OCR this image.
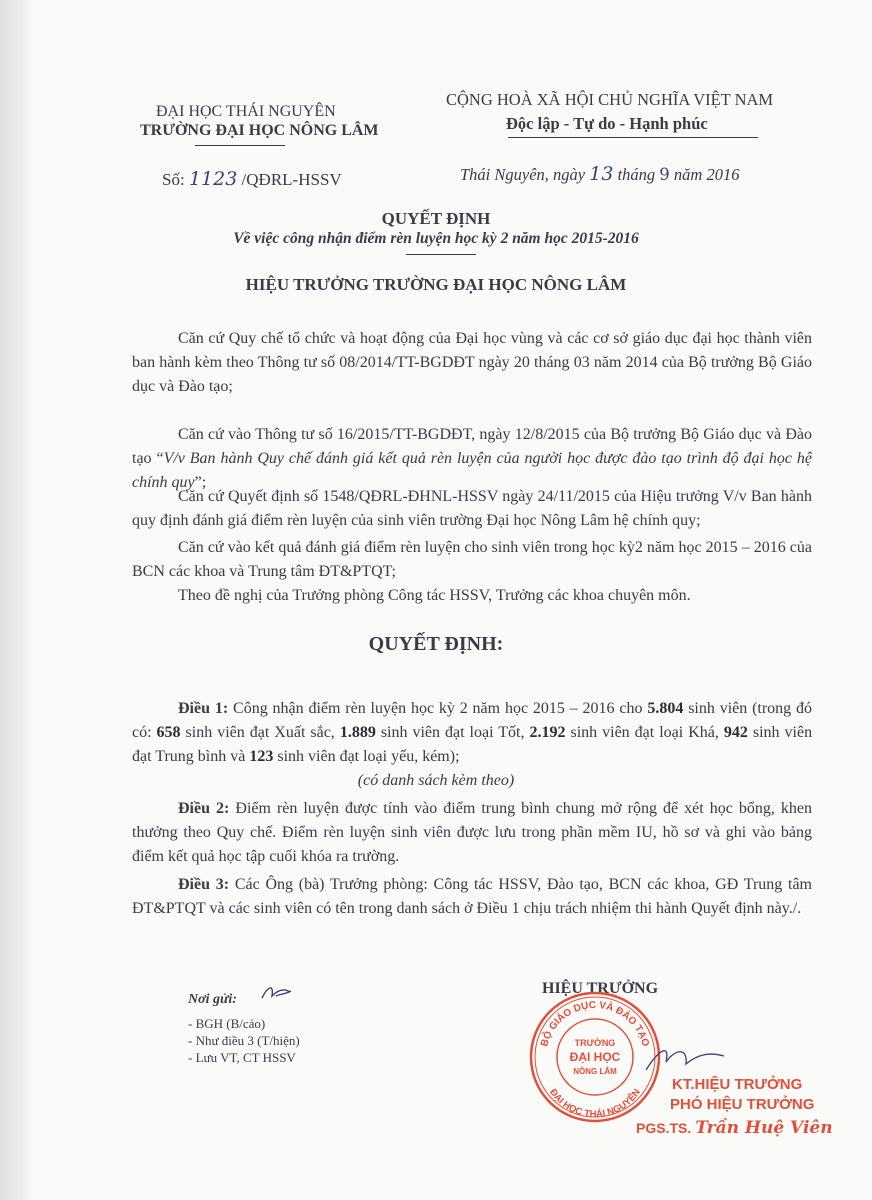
ĐẠI HỌC THÁI NGUYÊN
TRƯỜNG ĐẠI HỌC NÔNG LÂM
Số: 1123 /QĐRL-HSSV
CỘNG HOÀ XÃ HỘI CHỦ NGHĨA VIỆT NAM
Độc lập - Tự do - Hạnh phúc
Thái Nguyên, ngày 13 tháng 9 năm 2016
QUYẾT ĐỊNH
Về việc công nhận điểm rèn luyện học kỳ 2 năm học 2015-2016
HIỆU TRƯỞNG TRƯỜNG ĐẠI HỌC NÔNG LÂM
Căn cứ Quy chế tổ chức và hoạt động của Đại học vùng và các cơ sở giáo dục đại học thành viên ban hành kèm theo Thông tư số 08/2014/TT-BGDĐT ngày 20 tháng 03 năm 2014 của Bộ trưởng Bộ Giáo dục và Đào tạo;
Căn cứ vào Thông tư số 16/2015/TT-BGDĐT, ngày 12/8/2015 của Bộ trưởng Bộ Giáo dục và Đào tạo “V/v Ban hành Quy chế đánh giá kết quả rèn luyện của người học được đào tạo trình độ đại học hệ chính quy”;
Căn cứ Quyết định số 1548/QĐRL-ĐHNL-HSSV ngày 24/11/2015 của Hiệu trưởng V/v Ban hành quy định đánh giá điểm rèn luyện của sinh viên trường Đại học Nông Lâm hệ chính quy;
Căn cứ vào kết quả đánh giá điểm rèn luyện cho sinh viên trong học kỳ2 năm học 2015 – 2016 của BCN các khoa và Trung tâm ĐT&PTQT;
Theo đề nghị của Trưởng phòng Công tác HSSV, Trưởng các khoa chuyên môn.
QUYẾT ĐỊNH:
Điều 1: Công nhận điểm rèn luyện học kỳ 2 năm học 2015 – 2016 cho 5.804 sinh viên (trong đó có: 658 sinh viên đạt Xuất sắc, 1.889 sinh viên đạt loại Tốt, 2.192 sinh viên đạt loại Khá, 942 sinh viên đạt Trung bình và 123 sinh viên đạt loại yếu, kém);
(có danh sách kèm theo)
Điều 2: Điểm rèn luyện được tính vào điểm trung bình chung mở rộng để xét học bổng, khen thưởng theo Quy chế. Điểm rèn luyện sinh viên được lưu trong phần mềm IU, hồ sơ và ghi vào bảng điểm kết quả học tập cuối khóa ra trường.
Điều 3: Các Ông (bà) Trưởng phòng: Công tác HSSV, Đào tạo, BCN các khoa, GĐ Trung tâm ĐT&PTQT và các sinh viên có tên trong danh sách ở Điều 1 chịu trách nhiệm thi hành Quyết định này./.
Nơi gửi:
- BGH (B/cáo)
- Như điều 3 (T/hiện)
- Lưu VT, CT HSSV
HIỆU TRƯỞNG
BỘ GIÁO DỤC VÀ ĐÀO TẠO
ĐẠI HỌC THÁI NGUYÊN
TRƯỜNG
ĐẠI HỌC
NÔNG LÂM
KT.HIỆU TRƯỞNG
PHÓ HIỆU TRƯỞNG
PGS.TS. Trần Huệ Viên
